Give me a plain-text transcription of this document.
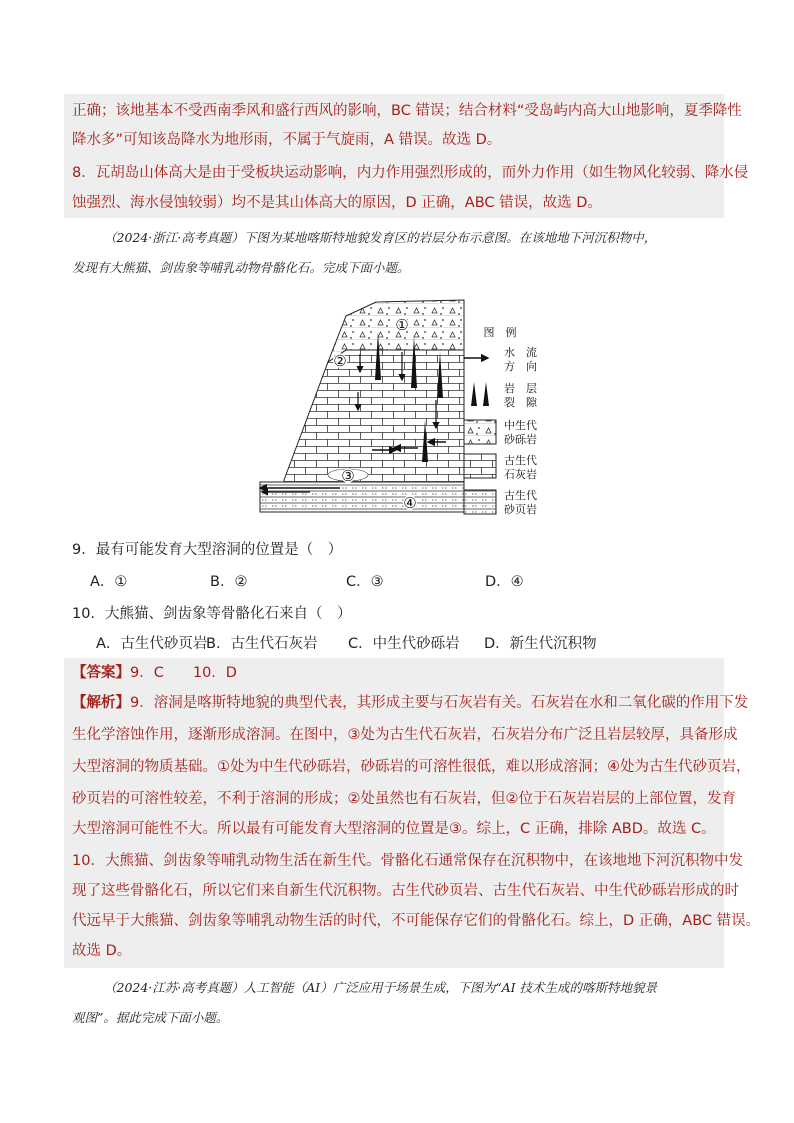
正确；该地基本不受西南季风和盛行西风的影响，BC 错误；结合材料“受岛屿内高大山地影响，夏季降性
降水多”可知该岛降水为地形雨，不属于气旋雨，A 错误。故选 D。
8．瓦胡岛山体高大是由于受板块运动影响，内力作用强烈形成的，而外力作用（如生物风化较弱、降水侵
蚀强烈、海水侵蚀较弱）均不是其山体高大的原因，D 正确，ABC 错误，故选 D。
（2024·浙江·高考真题）下图为某地喀斯特地貌发育区的岩层分布示意图。在该地地下河沉积物中，
发现有大熊猫、剑齿象等哺乳动物骨骼化石。完成下面小题。
①
②
③
④
图　例
水　流
方　向
岩　层
裂　隙
中生代
砂砾岩
古生代
石灰岩
古生代
砂页岩
9．最有可能发育大型溶洞的位置是（　）
A．①	B．②	C．③	D．④
10．大熊猫、剑齿象等骨骼化石来自（　）
A．古生代砂页岩
B．古生代石灰岩 C．中生代砂砾岩 D．新生代沉积物
【答案】9．C　　10．D
【解析】9．溶洞是喀斯特地貌的典型代表，其形成主要与石灰岩有关。石灰岩在水和二氧化碳的作用下发
生化学溶蚀作用，逐渐形成溶洞。在图中，③处为古生代石灰岩，石灰岩分布广泛且岩层较厚，具备形成
大型溶洞的物质基础。①处为中生代砂砾岩，砂砾岩的可溶性很低，难以形成溶洞；④处为古生代砂页岩，
砂页岩的可溶性较差，不利于溶洞的形成；②处虽然也有石灰岩，但②位于石灰岩岩层的上部位置，发育
大型溶洞可能性不大。所以最有可能发育大型溶洞的位置是③。综上，C 正确，排除 ABD。故选 C。
10．大熊猫、剑齿象等哺乳动物生活在新生代。骨骼化石通常保存在沉积物中，在该地地下河沉积物中发
现了这些骨骼化石，所以它们来自新生代沉积物。古生代砂页岩、古生代石灰岩、中生代砂砾岩形成的时
代远早于大熊猫、剑齿象等哺乳动物生活的时代，不可能保存它们的骨骼化石。综上，D 正确，ABC 错误。
故选 D。
（2024·江苏·高考真题）人工智能（AI）广泛应用于场景生成，下图为“AI 技术生成的喀斯特地貌景
观图”。据此完成下面小题。
